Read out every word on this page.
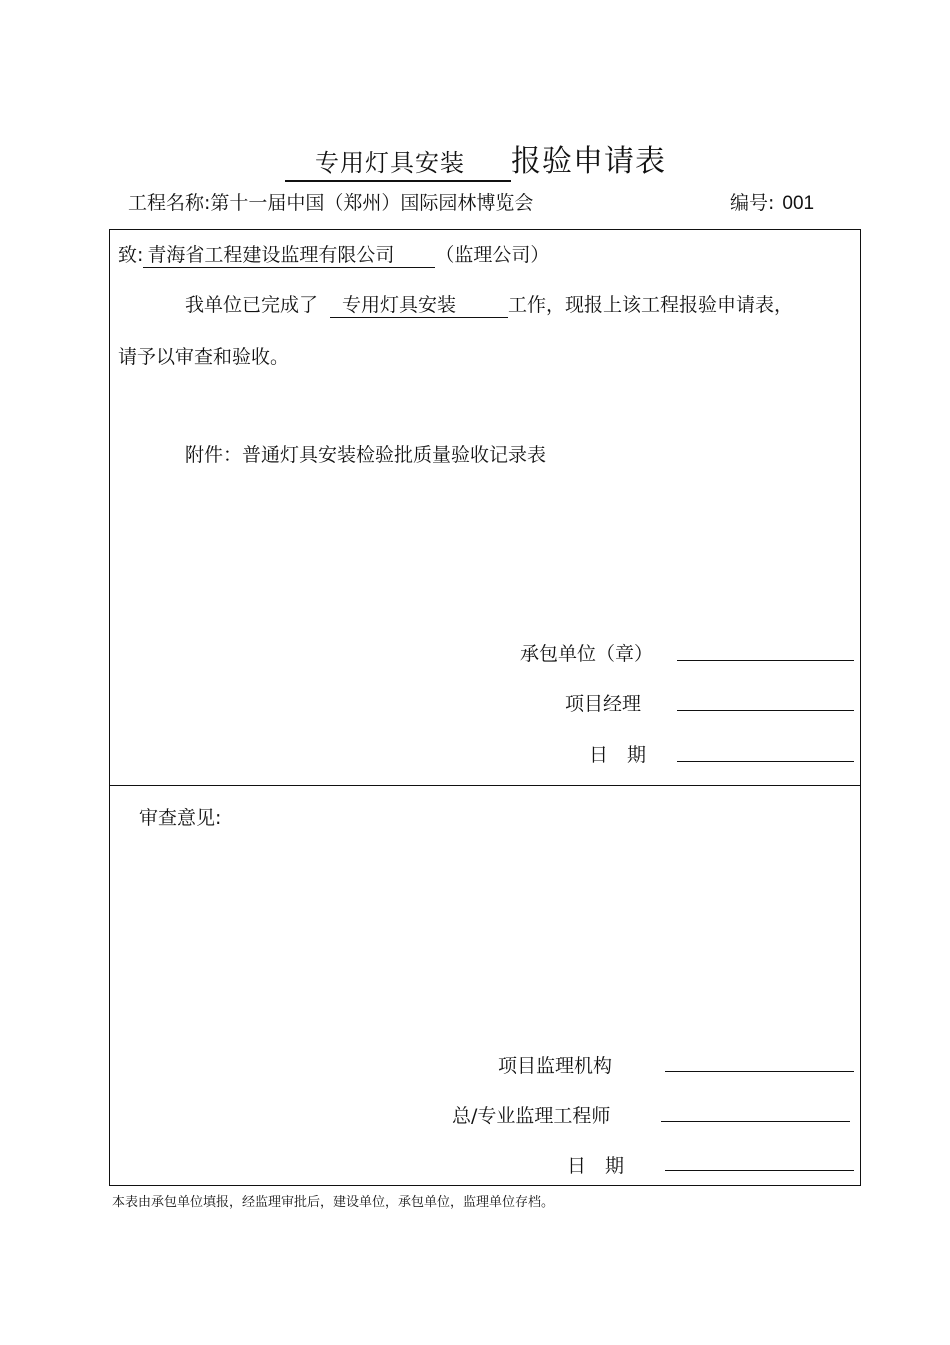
专用灯具安装 报验申请表
工程名称:第十一届中国（郑州）国际园林博览会	编号: 001
致: 青海省工程建设监理有限公司 （监理公司）
我单位已完成了 专用灯具安装	工作，现报上该工程报验申请表，
请予以审查和验收。
附件：普通灯具安装检验批质量验收记录表
承包单位（章）
项目经理
日　期
审查意见:
项目监理机构
总/专业监理工程师
日　期
本表由承包单位填报，经监理审批后，建设单位，承包单位，监理单位存档。
